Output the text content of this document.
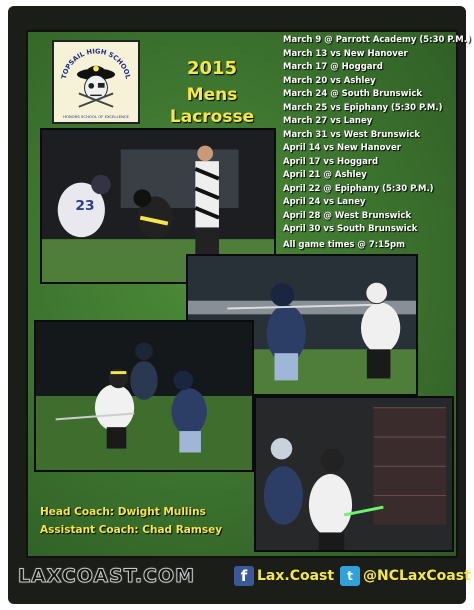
TOPSAIL HIGH SCHOOL
HONORS SCHOOL OF EXCELLENCE
2015
Mens Lacrosse
March 9 @ Parrott Academy (5:30 P.M.)
March 13 vs New Hanover
March 17 @ Hoggard
March 20 vs Ashley
March 24 @ South Brunswick
March 25 vs Epiphany (5:30 P.M.)
March 27 vs Laney
March 31 vs West Brunswick
April 14 vs New Hanover
April 17 vs Hoggard
April 21 @ Ashley
April 22 @ Epiphany (5:30 P.M.)
April 24 vs Laney
April 28 @ West Brunswick
April 30 vs South Brunswick
All game times @ 7:15pm
23
Head Coach: Dwight Mullins
Assistant Coach: Chad Ramsey
LAXCOAST.COM	f Lax.Coast	t @NCLaxCoast
